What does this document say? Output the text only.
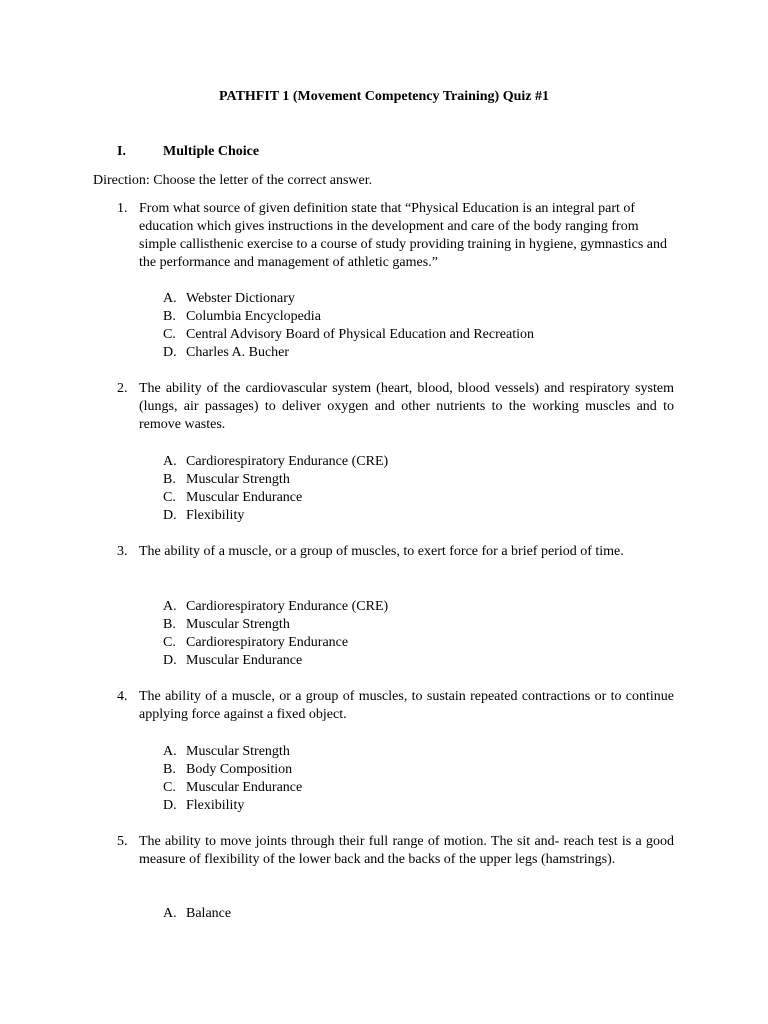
PATHFIT 1 (Movement Competency Training) Quiz #1
I.	Multiple Choice
Direction: Choose the letter of the correct answer.
1. From what source of given definition state that “Physical Education is an integral part of education which gives instructions in the development and care of the body ranging from simple callisthenic exercise to a course of study providing training in hygiene, gymnastics and the performance and management of athletic games.”
A. Webster Dictionary
B. Columbia Encyclopedia
C. Central Advisory Board of Physical Education and Recreation
D. Charles A. Bucher
2. The ability of the cardiovascular system (heart, blood, blood vessels) and respiratory system (lungs, air passages) to deliver oxygen and other nutrients to the working muscles and to remove wastes.
A. Cardiorespiratory Endurance (CRE)
B. Muscular Strength
C. Muscular Endurance
D. Flexibility
3. The ability of a muscle, or a group of muscles, to exert force for a brief period of time.
A. Cardiorespiratory Endurance (CRE)
B. Muscular Strength
C. Cardiorespiratory Endurance
D. Muscular Endurance
4. The ability of a muscle, or a group of muscles, to sustain repeated contractions or to continue applying force against a fixed object.
A. Muscular Strength
B. Body Composition
C. Muscular Endurance
D. Flexibility
5. The ability to move joints through their full range of motion. The sit and- reach test is a good measure of flexibility of the lower back and the backs of the upper legs (hamstrings).
A. Balance
